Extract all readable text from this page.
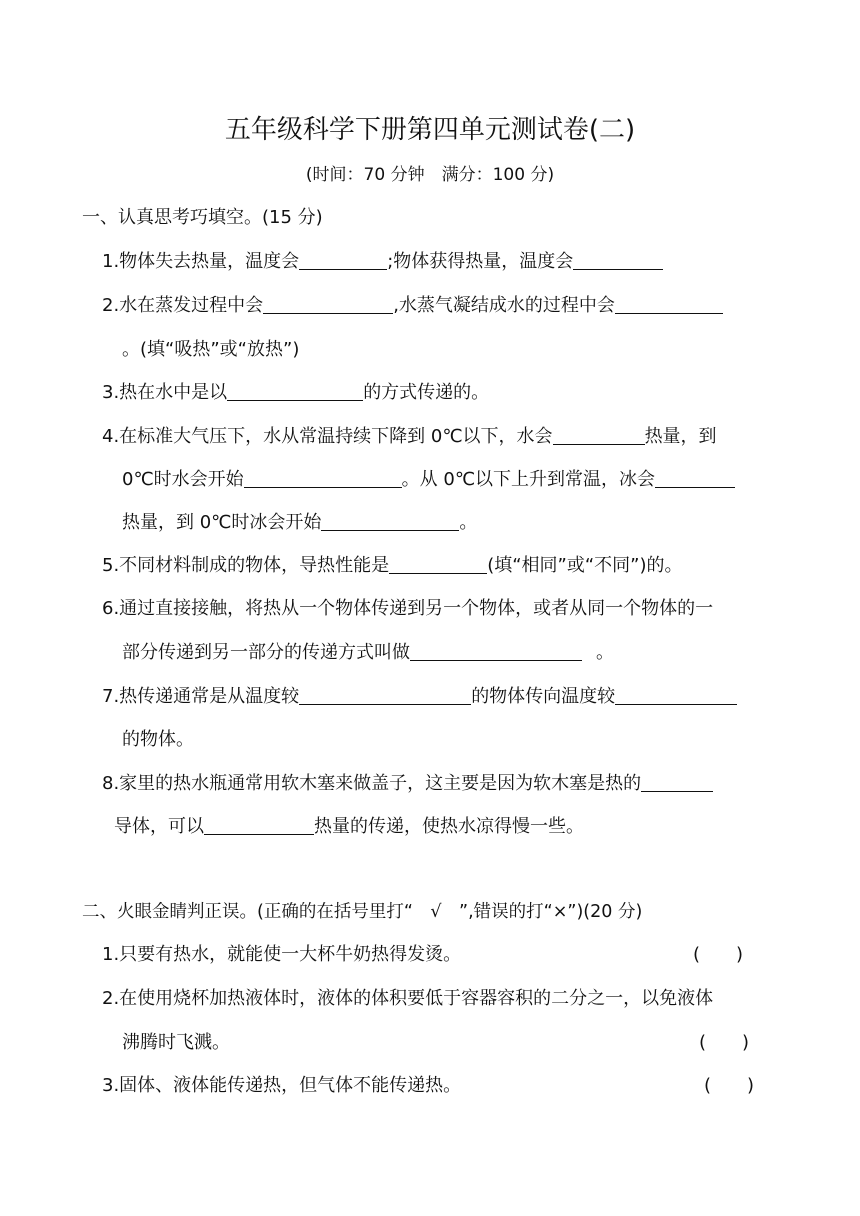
五年级科学下册第四单元测试卷(二)
(时间：70 分钟　满分：100 分)
一、认真思考巧填空。(15 分)
1.物体失去热量，温度会	;物体获得热量，温度会
2.水在蒸发过程中会	,水蒸气凝结成水的过程中会
。(填“吸热”或“放热”)
3.热在水中是以	的方式传递的。
4.在标准大气压下，水从常温持续下降到 0℃以下，水会	热量，到
0℃时水会开始	。从 0℃以下上升到常温，冰会
热量，到 0℃时冰会开始	。
5.不同材料制成的物体，导热性能是	(填“相同”或“不同”)的。
6.通过直接接触，将热从一个物体传递到另一个物体，或者从同一个物体的一
部分传递到另一部分的传递方式叫做	。
7.热传递通常是从温度较	的物体传向温度较
的物体。
8.家里的热水瓶通常用软木塞来做盖子，这主要是因为软木塞是热的
导体，可以	热量的传递，使热水凉得慢一些。
二、火眼金睛判正误。(正确的在括号里打“　√　”,错误的打“×”)(20 分)
1.只要有热水，就能使一大杯牛奶热得发烫。	(　　)
2.在使用烧杯加热液体时，液体的体积要低于容器容积的二分之一，以免液体
沸腾时飞溅。	(　　)
3.固体、液体能传递热，但气体不能传递热。	(　　)
